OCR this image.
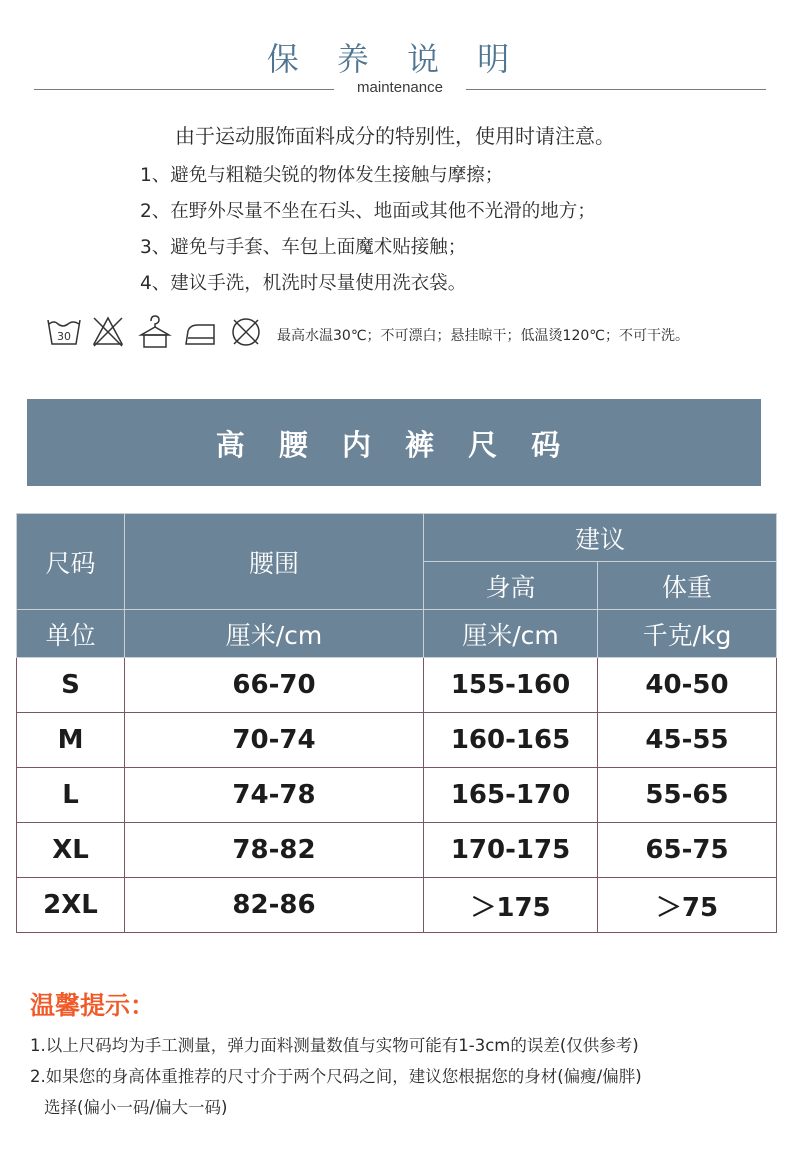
保 养 说 明
maintenance
由于运动服饰面料成分的特别性，使用时请注意。
1、避免与粗糙尖锐的物体发生接触与摩擦；
2、在野外尽量不坐在石头、地面或其他不光滑的地方；
3、避免与手套、车包上面魔术贴接触；
4、建议手洗，机洗时尽量使用洗衣袋。
30	最高水温30℃；不可漂白；悬挂晾干；低温烫120℃；不可干洗。
高 腰 内 裤 尺 码
尺码	腰围	建议	
		身高	体重
单位	厘米/cm	厘米/cm	千克/kg
S	66-70	155-160	40-50
M	70-74	160-165	45-55
L	74-78	165-170	55-65
XL	78-82	170-175	65-75
2XL	82-86	＞175	＞75
温馨提示：
1.以上尺码均为手工测量，弹力面料测量数值与实物可能有1-3cm的误差(仅供参考)
2.如果您的身高体重推荐的尺寸介于两个尺码之间，建议您根据您的身材(偏瘦/偏胖)
选择(偏小一码/偏大一码)
